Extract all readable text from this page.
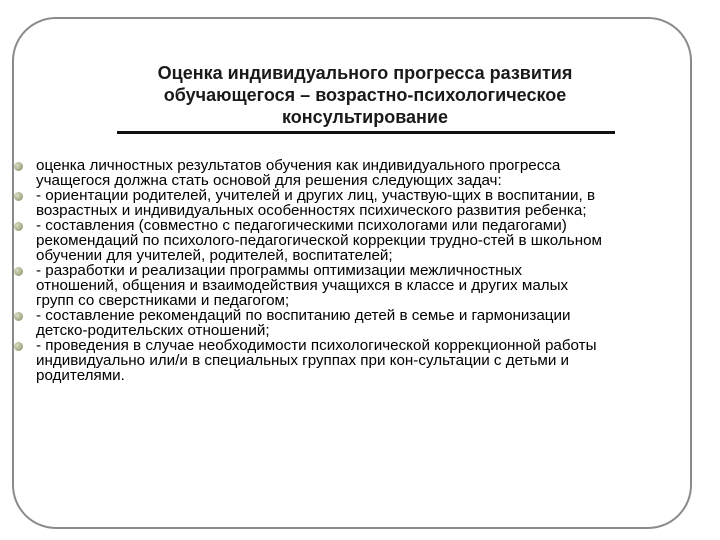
Оценка индивидуального прогресса развития
обучающегося – возрастно-психологическое
консультирование
оценка личностных результатов обучения как индивидуального прогресса
учащегося должна стать основой для решения следующих задач:
- ориентации родителей, учителей и других лиц, участвую-щих в воспитании, в
возрастных и индивидуальных особенностях психического развития ребенка;
- составления (совместно с педагогическими психологами или педагогами)
рекомендаций по психолого-педагогической коррекции трудно-стей в школьном
обучении для учителей, родителей, воспитателей;
- разработки и реализации программы оптимизации межличностных
отношений, общения и взаимодействия учащихся в классе и других малых
групп со сверстниками и педагогом;
- составление рекомендаций по воспитанию детей в семье и гармонизации
детско-родительских отношений;
- проведения в случае необходимости психологической коррекционной работы
индивидуально или/и в специальных группах при кон-сультации с детьми и
родителями.
